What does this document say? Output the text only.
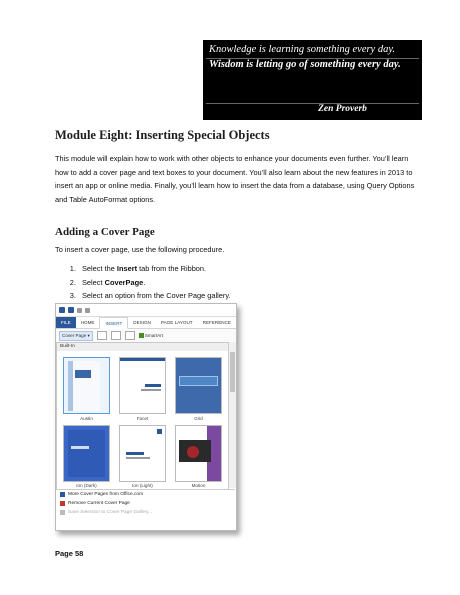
Knowledge is learning something every day.
Wisdom is letting go of something every day.
Zen Proverb
Module Eight: Inserting Special Objects

This module will explain how to work with other objects to enhance your documents even further. You’ll learn how to add a cover page and text boxes to your document. You’ll also learn about the new features in 2013 to insert an app or online media. Finally, you’ll learn how to insert the data from a database, using Query Options and Table AutoFormat options.

Adding a Cover Page

To insert a cover page, use the following procedure.

1. Select the Insert tab from the Ribbon.
2. Select CoverPage.
3. Select an option from the Cover Page gallery.
FILE	HOME	INSERT	DESIGN	PAGE LAYOUT	REFERENCE
Cover Page ▾	SmartArt
Built-In
Austin	Facet	Grid
Ion (Dark)	Ion (Light)	Motion
More Cover Pages from Office.com
Remove Current Cover Page
Save Selection to Cover Page Gallery...

Page 58
